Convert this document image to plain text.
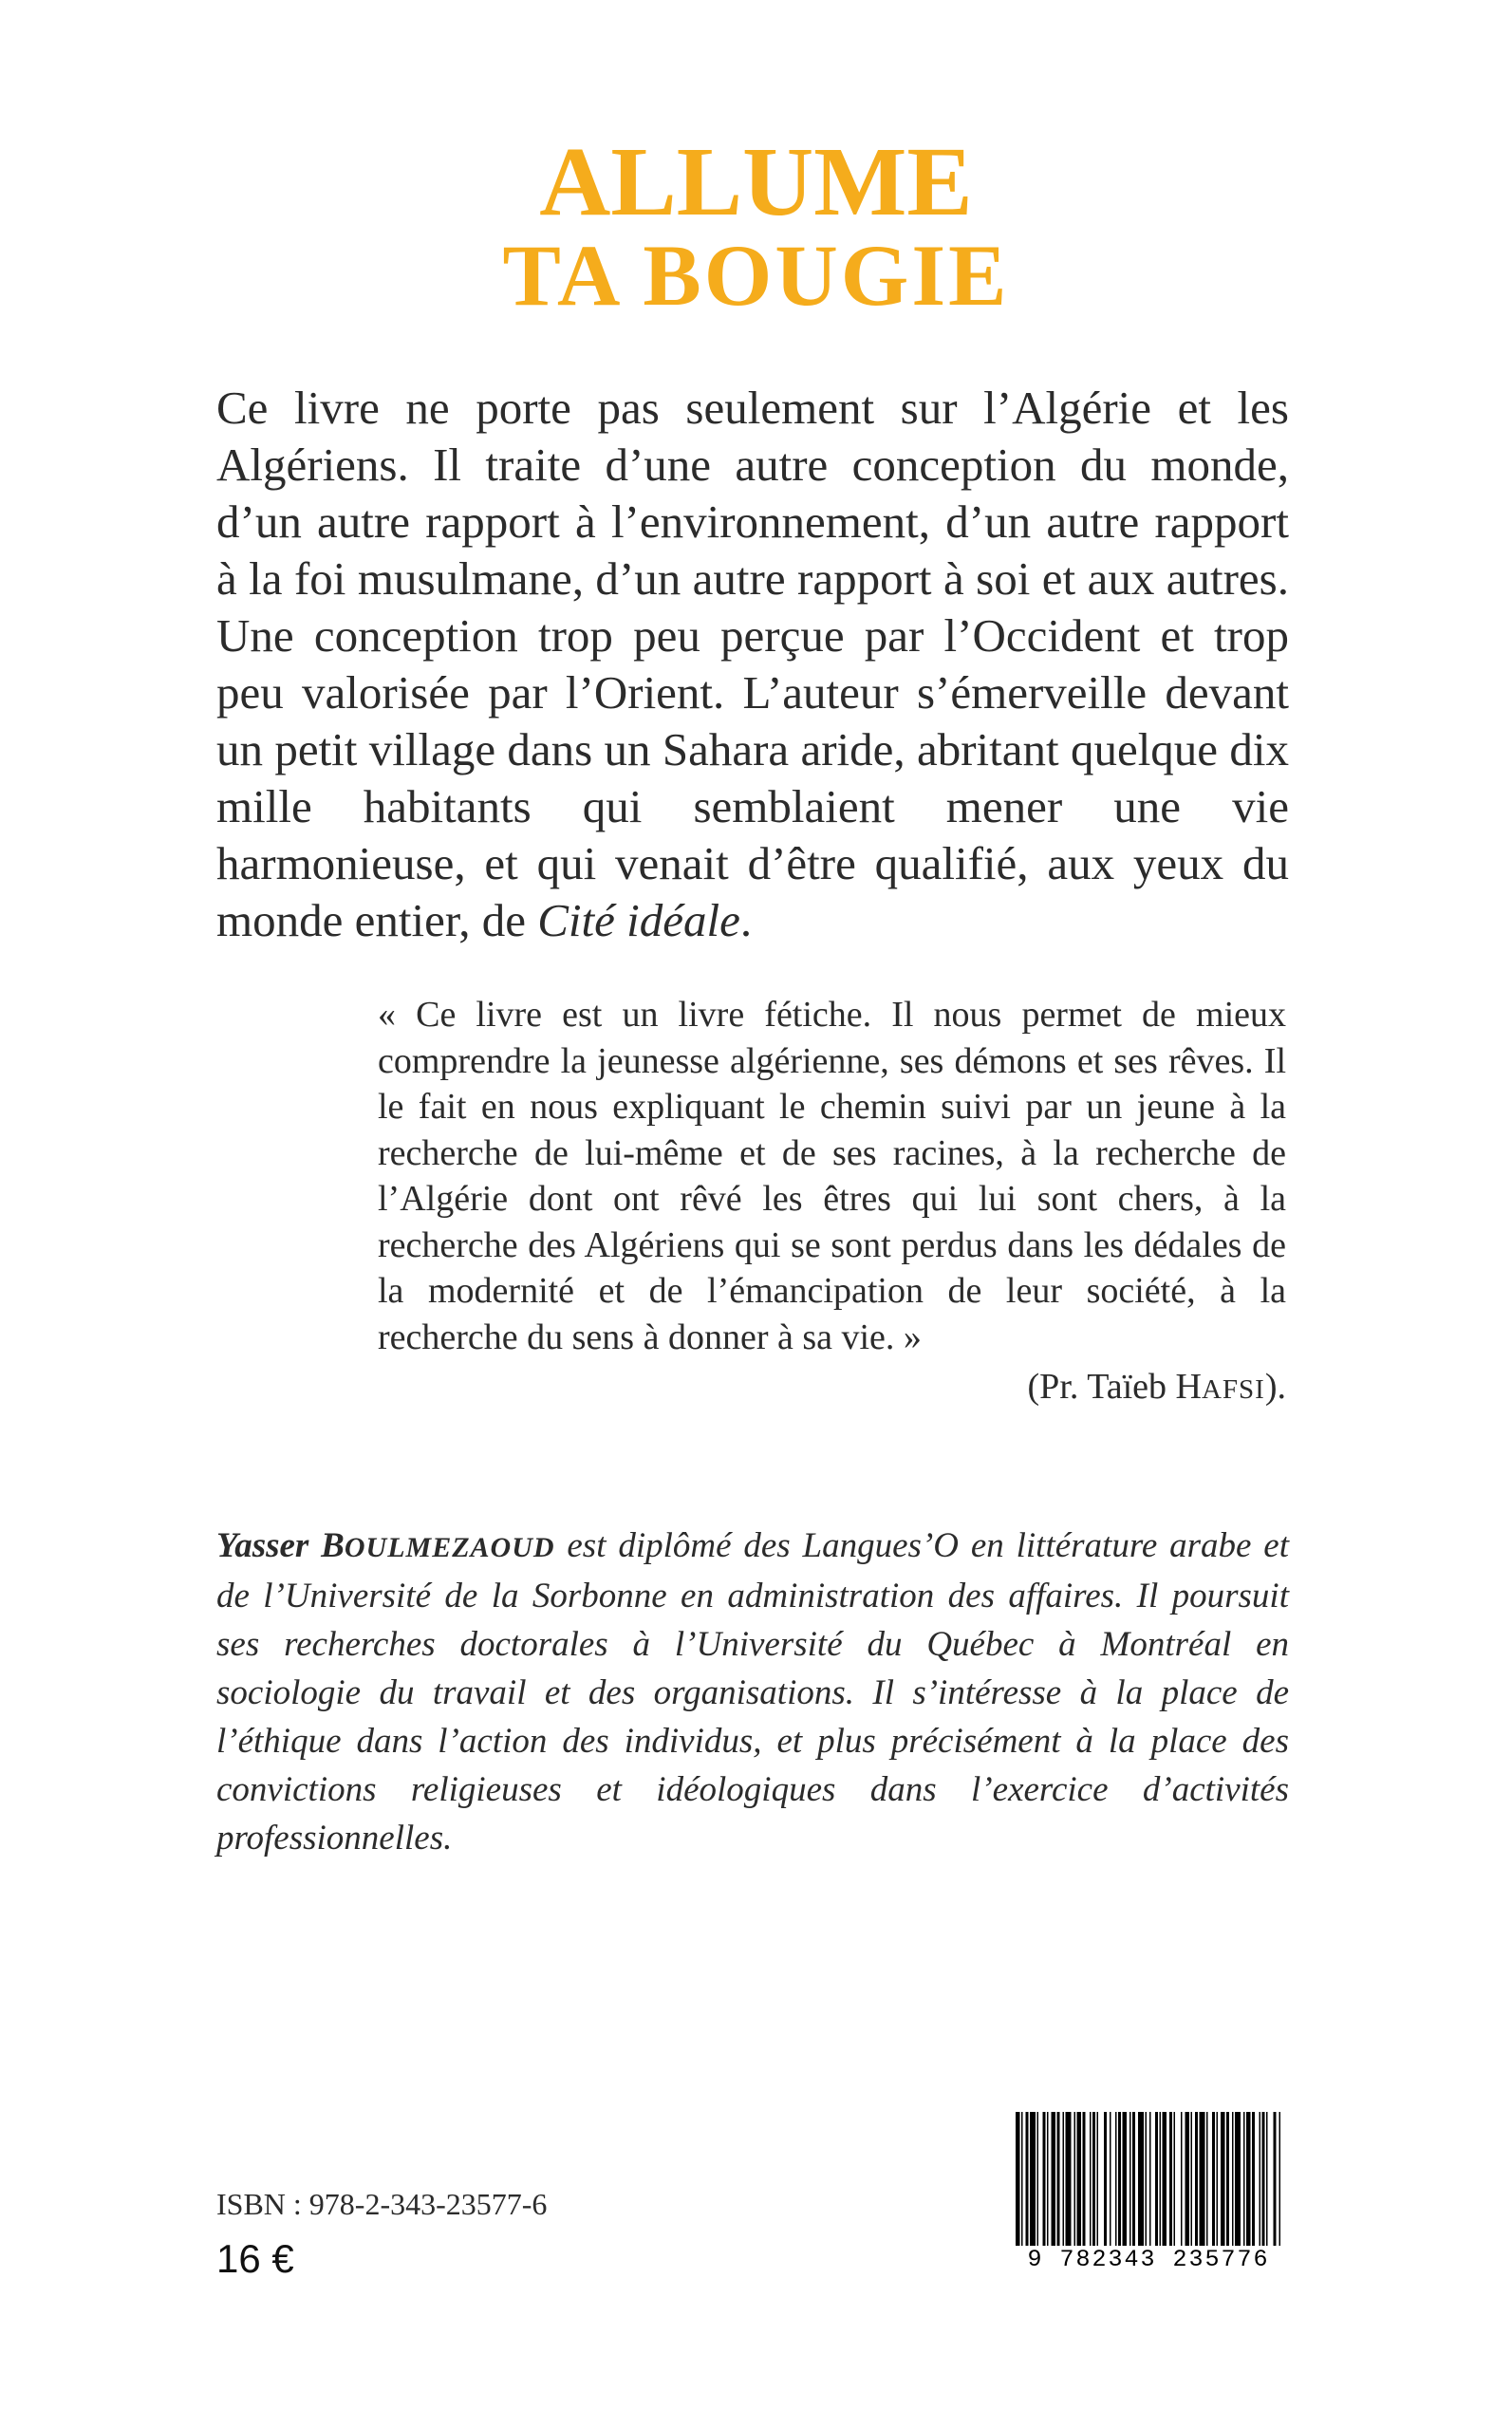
ALLUME
TA BOUGIE

Ce livre ne porte pas seulement sur l’Algérie et les Algériens. Il traite d’une autre conception du monde, d’un autre rapport à l’environnement, d’un autre rapport à la foi musulmane, d’un autre rapport à soi et aux autres. Une conception trop peu perçue par l’Occident et trop peu valorisée par l’Orient. L’auteur s’émerveille devant un petit village dans un Sahara aride, abritant quelque dix mille habitants qui semblaient mener une vie harmonieuse, et qui venait d’être qualifié, aux yeux du monde entier, de Cité idéale.

« Ce livre est un livre fétiche. Il nous permet de mieux comprendre la jeunesse algérienne, ses démons et ses rêves. Il le fait en nous expliquant le chemin suivi par un jeune à la recherche de lui-même et de ses racines, à la recherche de l’Algérie dont ont rêvé les êtres qui lui sont chers, à la recherche des Algériens qui se sont perdus dans les dédales de la modernité et de l’émancipation de leur société, à la recherche du sens à donner à sa vie. »

(Pr. Taïeb HAFSI).

Yasser BOULMEZAOUD est diplômé des Langues’O en littérature arabe et de l’Université de la Sorbonne en administration des affaires. Il poursuit ses recherches doctorales à l’Université du Québec à Montréal en sociologie du travail et des organisations. Il s’intéresse à la place de l’éthique dans l’action des individus, et plus précisément à la place des convictions religieuses et idéologiques dans l’exercice d’activités professionnelles.

ISBN : 978-2-343-23577-6

16 €	9 782343 235776
